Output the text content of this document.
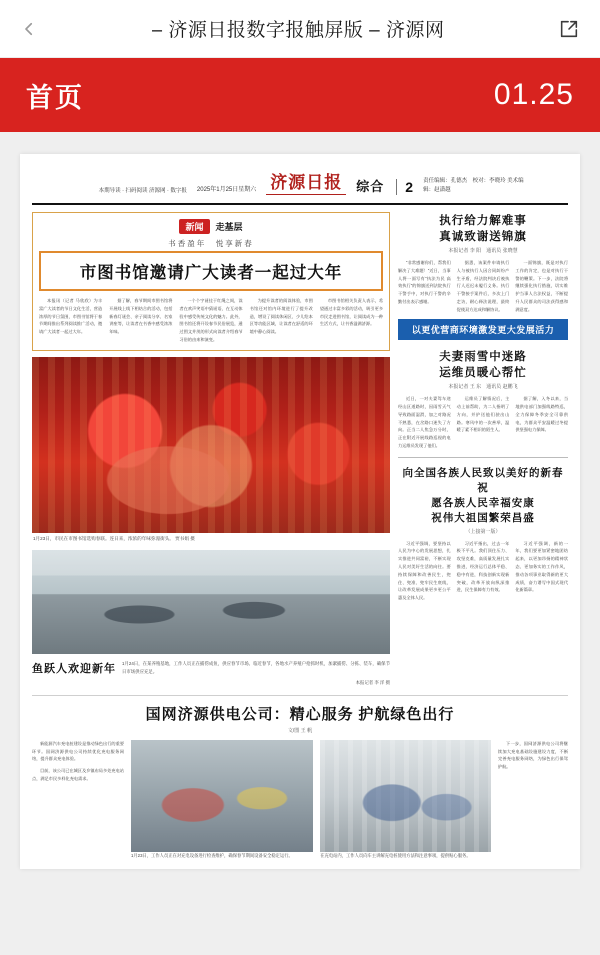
– 济源日报数字报触屏版 – 济源网
首页	01.25
本期导读 · 扫码阅读 济源网 · 数字报 2025年1月25日星期六 济源日报	综合	2 责任编辑：孔德杰　校对：李晓玲 美术编辑：赵潇越
新闻	走基层
书香盈年　悦享新春
市图书馆邀请广大读者一起过大年
本报讯（记者 马欣欣）为丰富广大读者的节日文化生活，营造浓厚的节日氛围，市图书馆将于春节期间推出系列阅读推广活动，邀请广大读者一起过大年。
据了解，春节期间市图书馆将开展线上线下相结合的活动，包括新春灯谜会、亲子阅读分享、名家讲座等，让读者在书香中感受浓浓年味。
一个个字谜挂于红绳之间，读者在欢声笑语中猜谜语，在互动体验中感受传统文化的魅力。此外，图书馆还将开设春节民俗展览，通过图文并茂的形式向读者介绍春节习俗的由来和演变。
为提升读者的阅读体验，市图书馆还对馆内环境进行了提升改造，增设了阅读休闲区、少儿绘本区等功能区域，让读者在舒适的环境中静心阅读。
市图书馆相关负责人表示，希望通过丰富多彩的活动，吸引更多市民走进图书馆，让阅读成为一种生活方式，让书香溢满济源。
1月23日，市民在市图书馆选购春联。连日来，浓浓的年味弥漫街头。 贾书娟 摄
鱼跃人欢迎新年 1月24日，在某养殖基地，工作人员正在捕捞成鱼，供应春节市场。临近春节，各地水产养殖户抢抓时机，加紧捕捞、分拣、装车，确保节日市场供应充足。
本报记者 李 洋 摄
执行给力解难事
真诚致谢送锦旗
本报记者 李 阳　通讯员 张晓慧
“非常感谢你们，帮我们解决了大难题！”近日，当事人将一面写有“执法为民 高效执行”的锦旗送到法院执行干警手中，对执行干警的辛勤付出表示感谢。
据悉，该案件申请执行人与被执行人因合同纠纷产生矛盾，经法院判决后被执行人迟迟未履行义务。执行干警接手案件后，多次上门走访，耐心释法说理，最终促使双方达成和解协议。
一面锦旗，既是对执行工作的肯定，也是对执行干警的鞭策。下一步，法院将继续强化执行措施，切实维护当事人合法权益，不断提升人民群众的司法获得感和满意度。
以更优营商环境激发更大发展活力
夫妻雨雪中迷路
运维员暖心帮忙
本报记者 王 东　通讯员 赵鹏飞
近日，一对夫妻驾车途经山区道路时，因雨雪天气导致路面湿滑，加之对路况不熟悉，在岔路口迷失了方向。正当二人焦急万分时，正在附近开展线路巡视的电力运维员发现了他们。
运维员了解情况后，主动上前帮助，为二人指明了方向，并护送他们驶出山路。寒风中的一次善举，温暖了素不相识的陌生人。
据了解，入冬以来，当地供电部门加强线路特巡，全力保障冬季安全可靠供电，为群众平安温暖过冬提供坚强电力保障。
向全国各族人民致以美好的新春祝
愿各族人民幸福安康
祝伟大祖国繁荣昌盛
（上接第一版）
习近平强调，要坚持以人民为中心的发展思想，扎实推进共同富裕，不断实现人民对美好生活的向往。要持续保障和改善民生，兜住、兜准、兜牢民生底线，让改革发展成果更多更公平惠及全体人民。
习近平指出，过去一年极不平凡。我们顶住压力、攻坚克难，高质量发展扎实推进，经济运行总体平稳、稳中有进，科技创新实现新突破，改革开放向纵深推进，民生保障有力有效。
习近平强调，新的一年，我们要更加紧密地团结起来，以更加昂扬的精神状态、更加务实的工作作风，推动各项事业取得新的更大成绩，奋力谱写中国式现代化新篇章。
国网济源供电公司：精心服务 护航绿色出行
文/图 王 帆
新能源汽车充电桩建设是推动绿色出行的重要环节。国网济源供电公司持续优化充电服务网络，提升群众充电体验。
目前，该公司已在城区及乡镇布局多处充电站点，满足市民多样化充电需求。
1月23日，工作人员正在对充电设备进行检查维护，确保春节期间设备安全稳定运行。	在充电站内，工作人员向车主讲解充电桩使用方法和注意事项，提供贴心服务。
下一步，国网济源供电公司将继续加大充电基础设施建设力度，不断完善充电服务网络，为绿色出行保驾护航。
